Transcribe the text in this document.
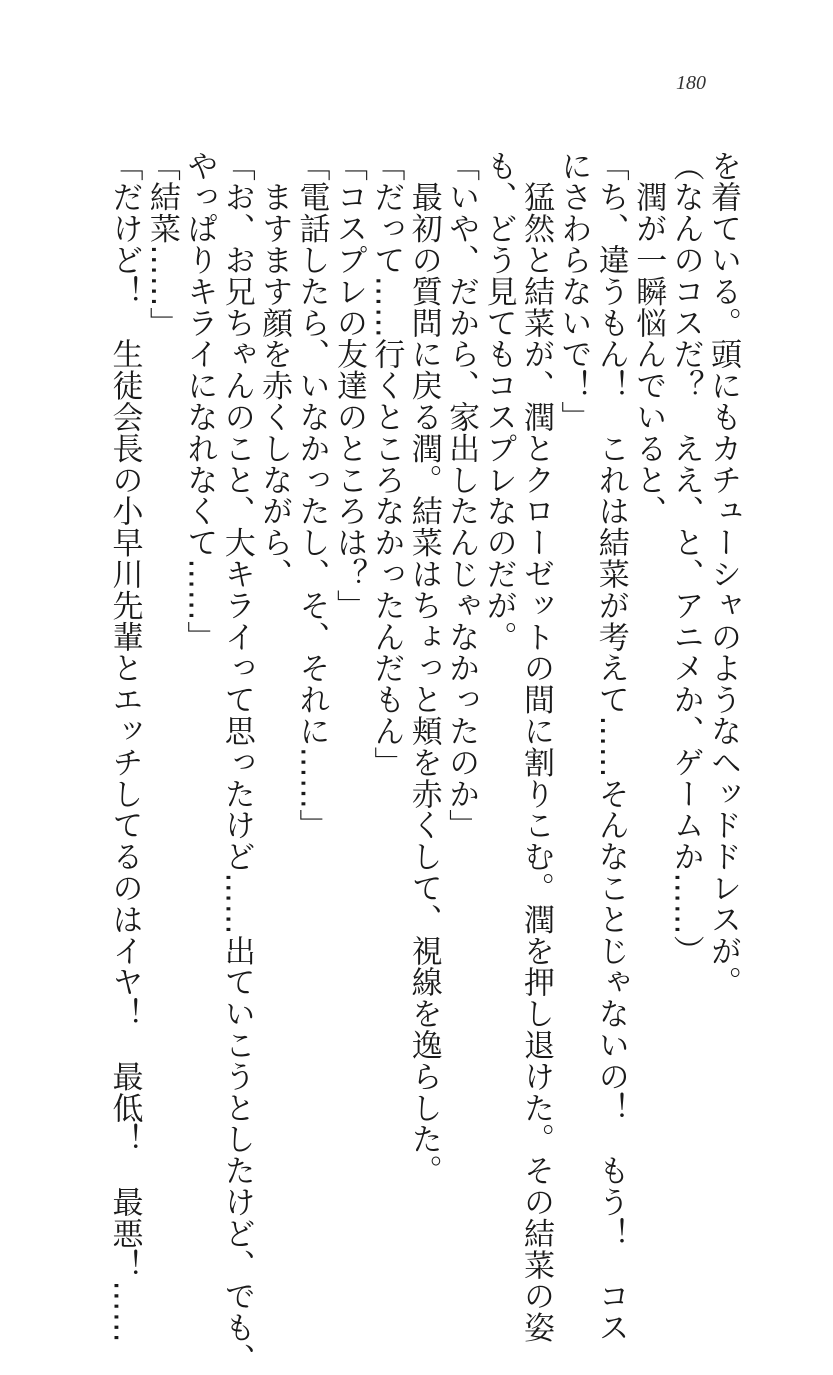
180
を着ている。頭にもカチューシャのようなヘッドドレスが。
（なんのコスだ？　ええ、と、アニメか、ゲームか……）
　潤が一瞬悩んでいると、
「ち、違うもん！　これは結菜が考えて……そんなことじゃないの！　もう！　コス
にさわらないで！」
　猛然と結菜が、潤とクローゼットの間に割りこむ。潤を押し退けた。その結菜の姿
も、どう見てもコスプレなのだが。
「いや、だから、家出したんじゃなかったのか」
　最初の質問に戻る潤。結菜はちょっと頬を赤くして、視線を逸らした。
「だって……行くところなかったんだもん」
「コスプレの友達のところは？」
「電話したら、いなかったし、そ、それに……」
　ますます顔を赤くしながら、
「お、お兄ちゃんのこと、大キライって思ったけど……出ていこうとしたけど、でも、
やっぱりキライになれなくて……」
「結菜……」
「だけど！　生徒会長の小早川先輩とエッチしてるのはイヤ！　最低！　最悪！……
